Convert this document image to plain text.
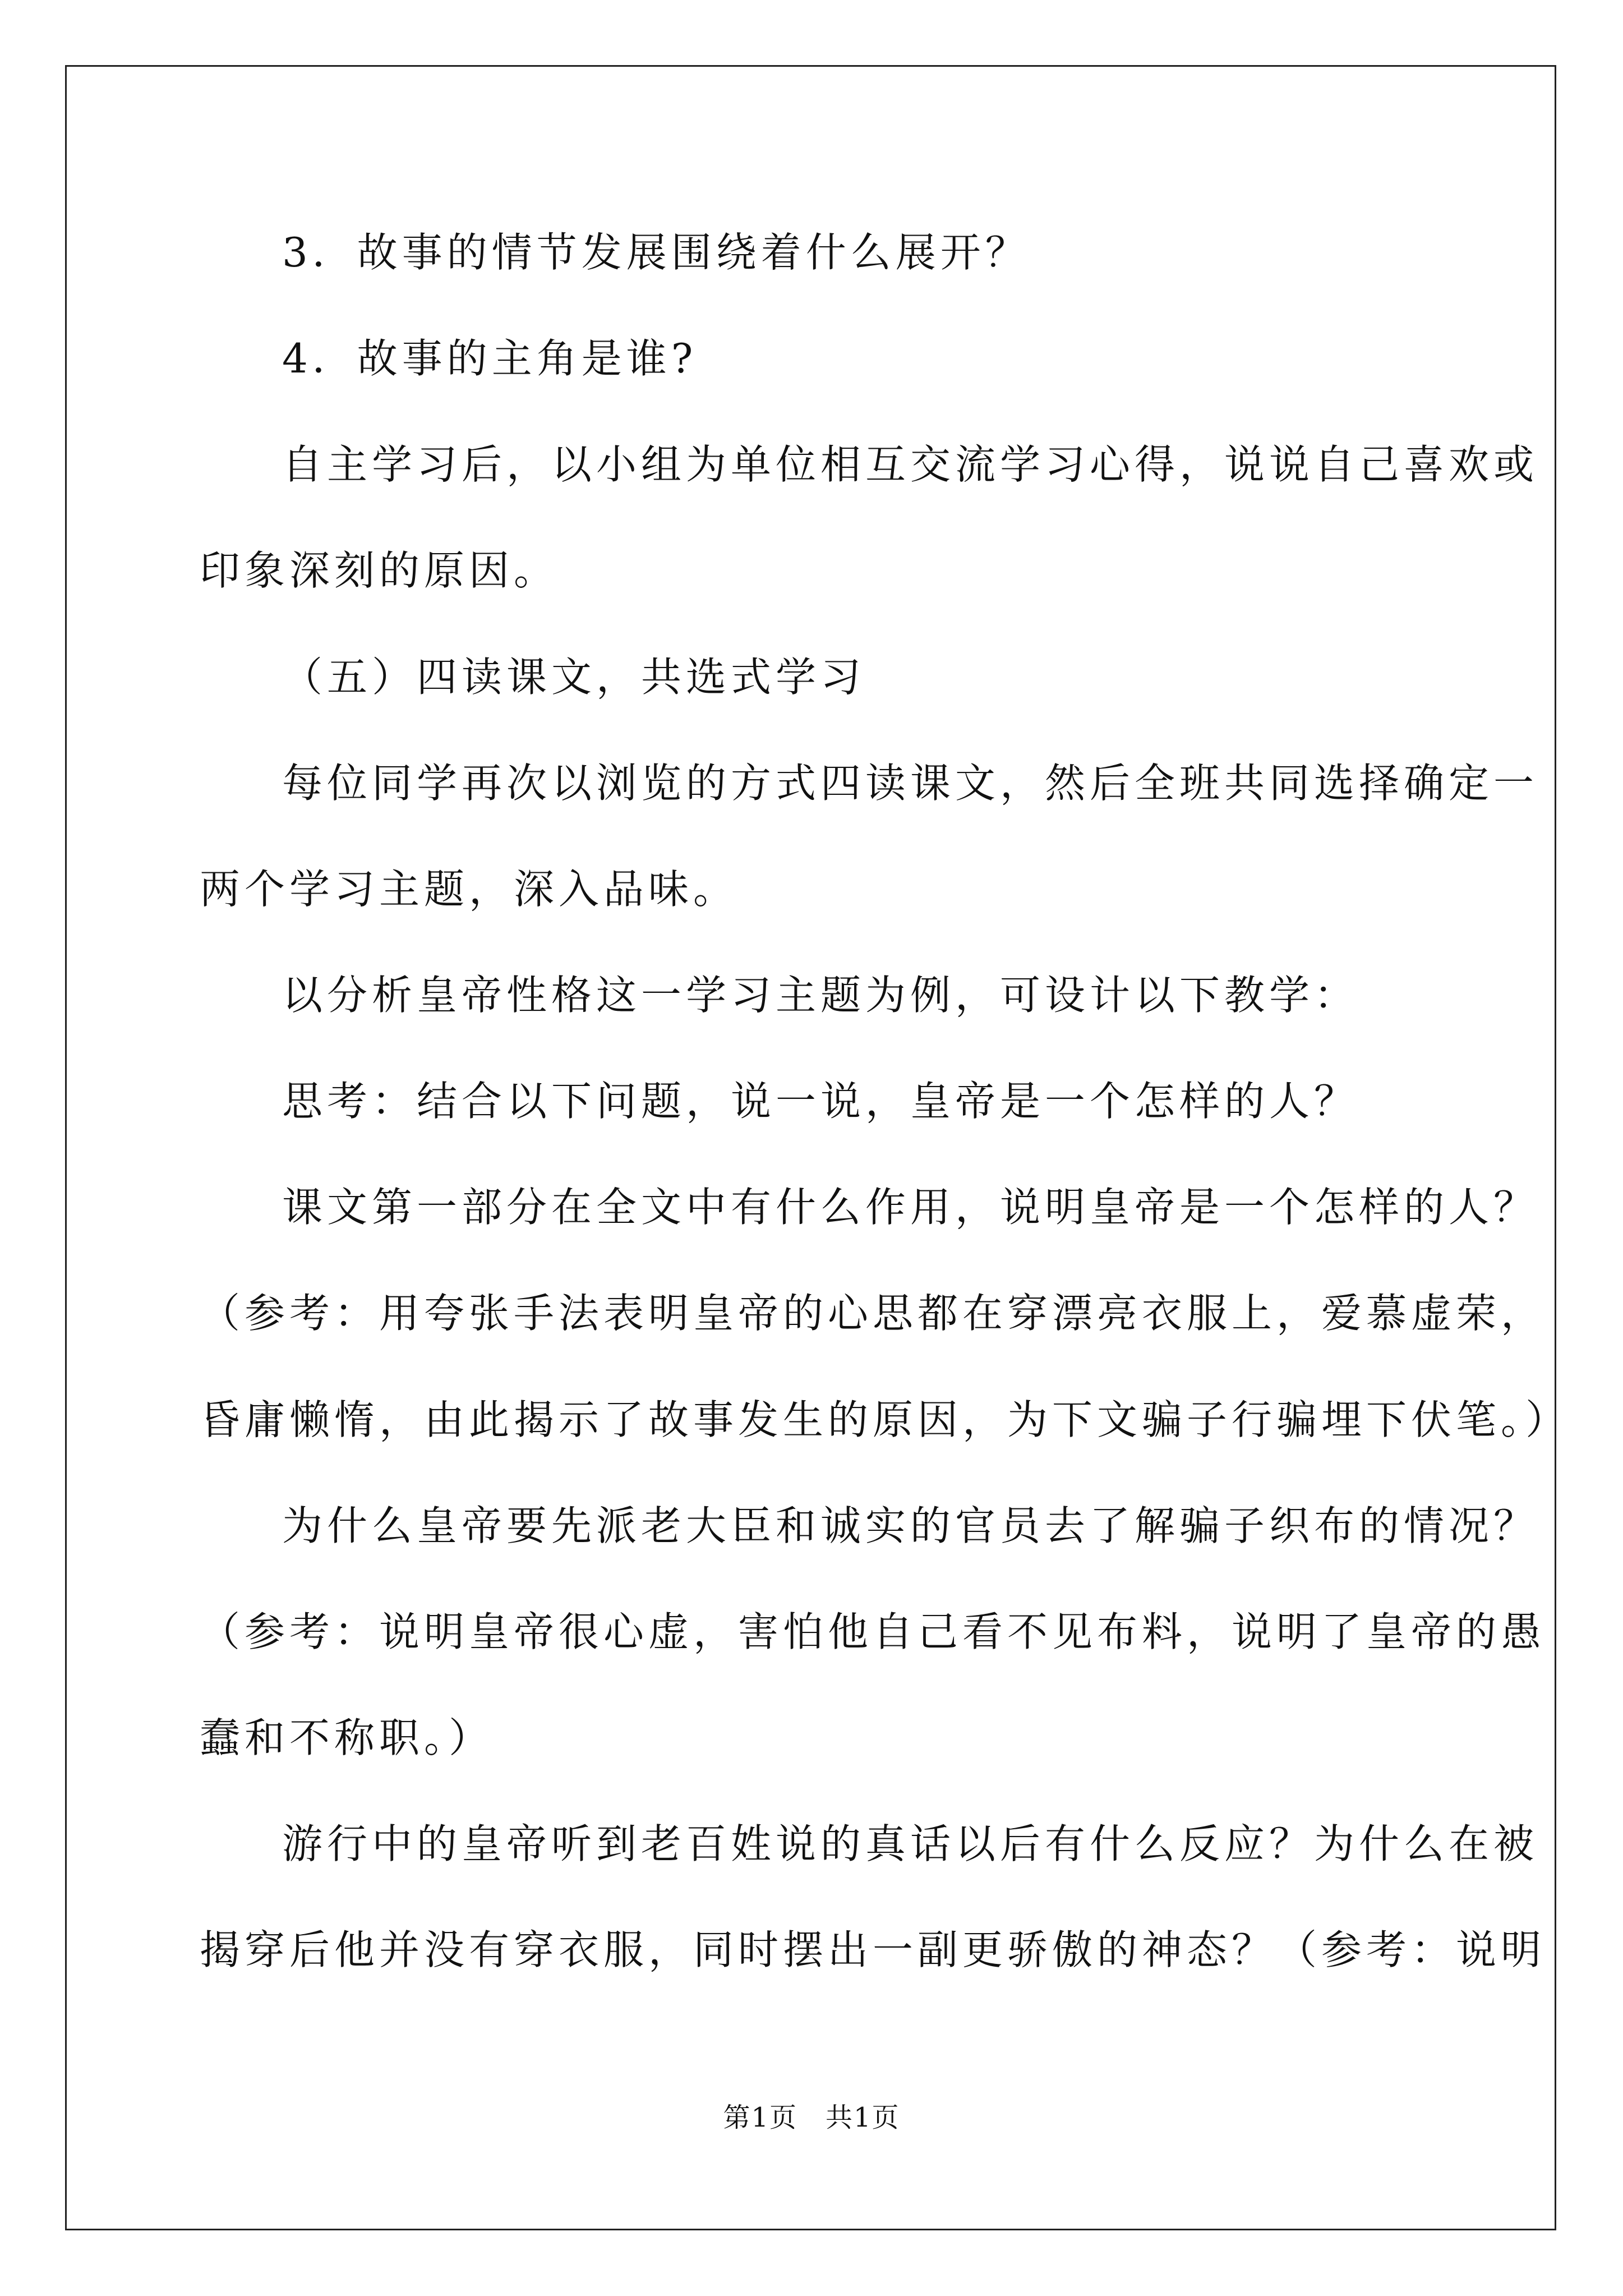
3．故事的情节发展围绕着什么展开？
4．故事的主角是谁?
自主学习后，以小组为单位相互交流学习心得，说说自己喜欢或
印象深刻的原因。
（五）四读课文，共选式学习
每位同学再次以浏览的方式四读课文，然后全班共同选择确定一
两个学习主题，深入品味。
以分析皇帝性格这一学习主题为例，可设计以下教学：
思考：结合以下问题，说一说，皇帝是一个怎样的人？
课文第一部分在全文中有什么作用，说明皇帝是一个怎样的人？
（参考：用夸张手法表明皇帝的心思都在穿漂亮衣服上，爱慕虚荣，
昏庸懒惰，由此揭示了故事发生的原因，为下文骗子行骗埋下伏笔。）
为什么皇帝要先派老大臣和诚实的官员去了解骗子织布的情况？
（参考：说明皇帝很心虚，害怕他自己看不见布料，说明了皇帝的愚
蠢和不称职。）
游行中的皇帝听到老百姓说的真话以后有什么反应？为什么在被
揭穿后他并没有穿衣服，同时摆出一副更骄傲的神态？（参考：说明
第1页　共1页
